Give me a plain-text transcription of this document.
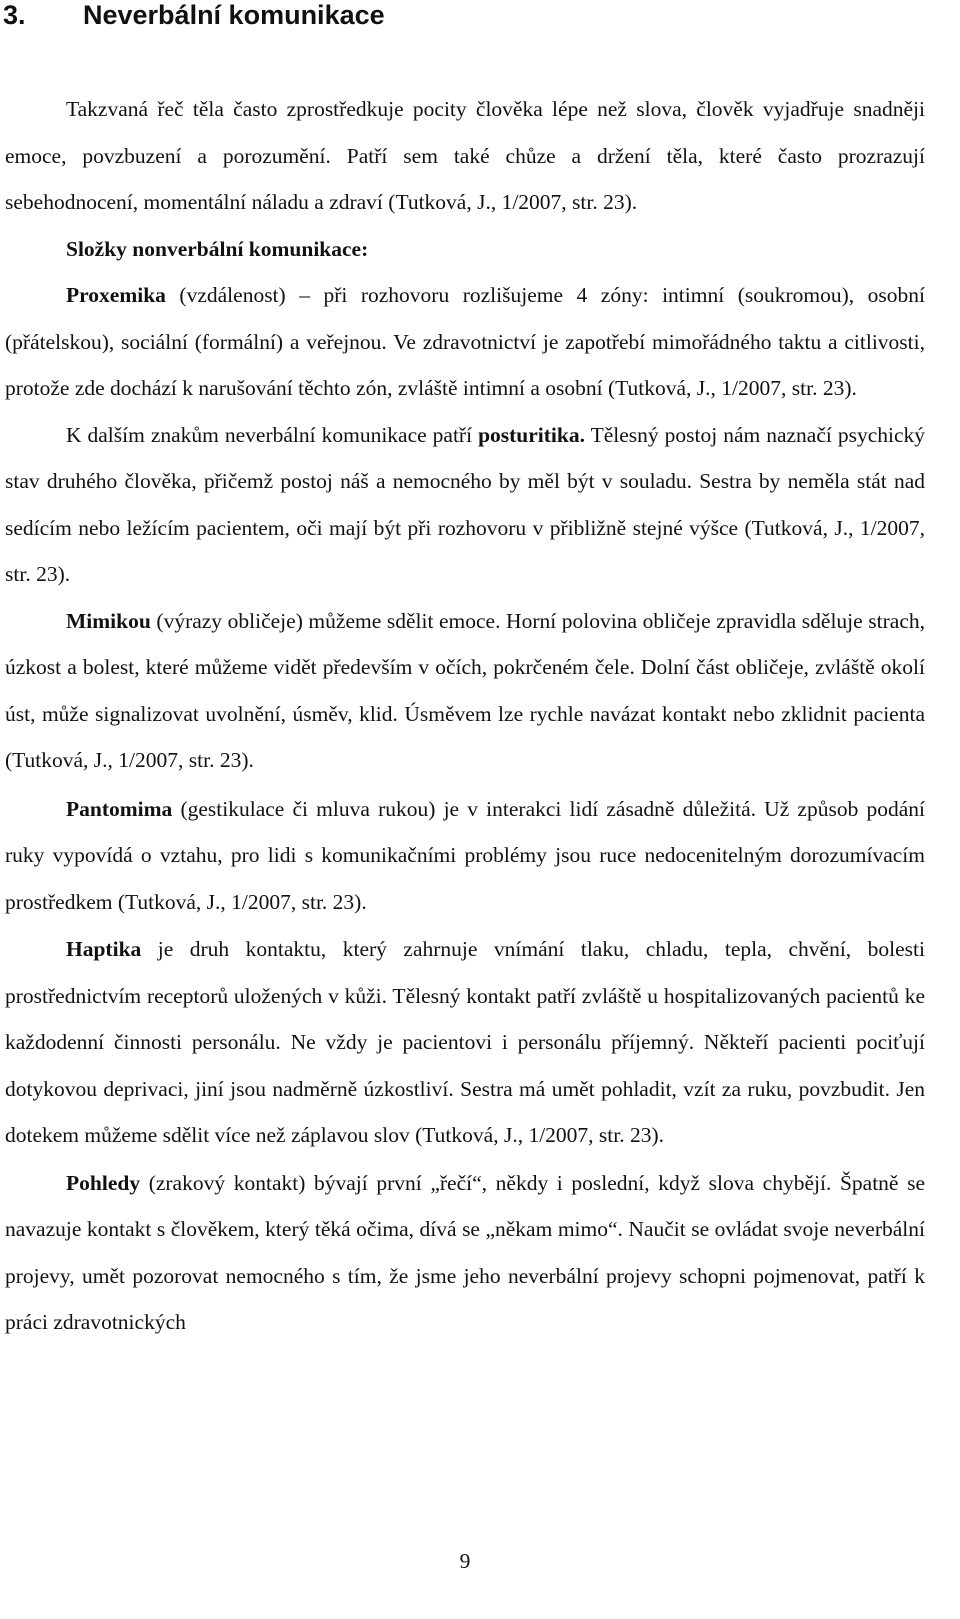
3. Neverbální komunikace

Takzvaná řeč těla často zprostředkuje pocity člověka lépe než slova, člověk vyjadřuje snadněji emoce, povzbuzení a porozumění. Patří sem také chůze a držení těla, které často prozrazují sebehodnocení, momentální náladu a zdraví (Tutková, J., 1/2007, str. 23).

Složky nonverbální komunikace:

Proxemika (vzdálenost) – při rozhovoru rozlišujeme 4 zóny: intimní (soukromou), osobní (přátelskou), sociální (formální) a veřejnou. Ve zdravotnictví je zapotřebí mimořádného taktu a citlivosti, protože zde dochází k narušování těchto zón, zvláště intimní a osobní (Tutková, J., 1/2007, str. 23).

K dalším znakům neverbální komunikace patří posturitika. Tělesný postoj nám naznačí psychický stav druhého člověka, přičemž postoj náš a nemocného by měl být v souladu. Sestra by neměla stát nad sedícím nebo ležícím pacientem, oči mají být při rozhovoru v přibližně stejné výšce (Tutková, J., 1/2007, str. 23).

Mimikou (výrazy obličeje) můžeme sdělit emoce. Horní polovina obličeje zpravidla sděluje strach, úzkost a bolest, které můžeme vidět především v očích, pokrčeném čele. Dolní část obličeje, zvláště okolí úst, může signalizovat uvolnění, úsměv, klid. Úsměvem lze rychle navázat kontakt nebo zklidnit pacienta (Tutková, J., 1/2007, str. 23).

Pantomima (gestikulace či mluva rukou) je v interakci lidí zásadně důležitá. Už způsob podání ruky vypovídá o vztahu, pro lidi s komunikačními problémy jsou ruce nedocenitelným dorozumívacím prostředkem (Tutková, J., 1/2007, str. 23).

Haptika je druh kontaktu, který zahrnuje vnímání tlaku, chladu, tepla, chvění, bolesti prostřednictvím receptorů uložených v kůži. Tělesný kontakt patří zvláště u hospitalizovaných pacientů ke každodenní činnosti personálu. Ne vždy je pacientovi i personálu příjemný. Někteří pacienti pociťují dotykovou deprivaci, jiní jsou nadměrně úzkostliví. Sestra má umět pohladit, vzít za ruku, povzbudit. Jen dotekem můžeme sdělit více než záplavou slov (Tutková, J., 1/2007, str. 23).

Pohledy (zrakový kontakt) bývají první „řečí“, někdy i poslední, když slova chybějí. Špatně se navazuje kontakt s člověkem, který těká očima, dívá se „někam mimo“. Naučit se ovládat svoje neverbální projevy, umět pozorovat nemocného s tím, že jsme jeho neverbální projevy schopni pojmenovat, patří k práci zdravotnických

9
